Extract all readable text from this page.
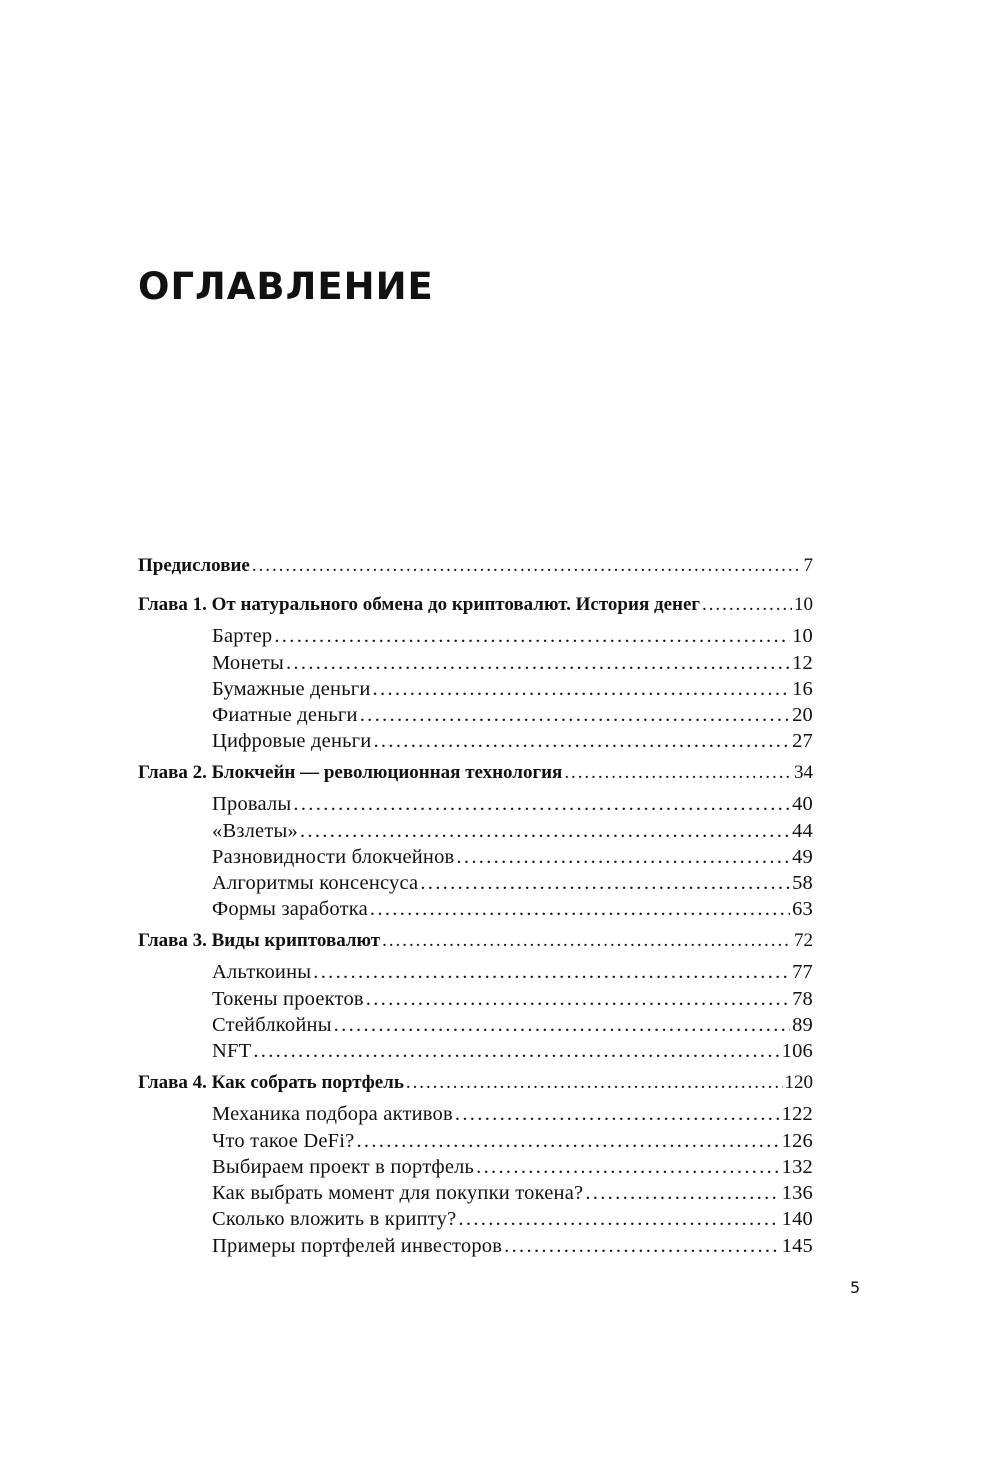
ОГЛАВЛЕНИЕ
Предисловие . . .	7
Глава 1. От натурального обмена до криптовалют. История денег . . .	10
Бартер . . .	10
Монеты . . .	12
Бумажные деньги . . .	16
Фиатные деньги . . .	20
Цифровые деньги . . .	27
Глава 2. Блокчейн — революционная технология . . .	34
Провалы . . .	40
«Взлеты» . . .	44
Разновидности блокчейнов . . .	49
Алгоритмы консенсуса . . .	58
Формы заработка . . .	63
Глава 3. Виды криптовалют . . .	72
Альткоины . . .	77
Токены проектов . . .	78
Стейблкойны . . .	89
NFT . . .	106
Глава 4. Как собрать портфель . . .	120
Механика подбора активов . . .	122
Что такое DeFi? . . .	126
Выбираем проект в портфель . . .	132
Как выбрать момент для покупки токена? . . .	136
Сколько вложить в крипту? . . .	140
Примеры портфелей инвесторов . . .	145
5
